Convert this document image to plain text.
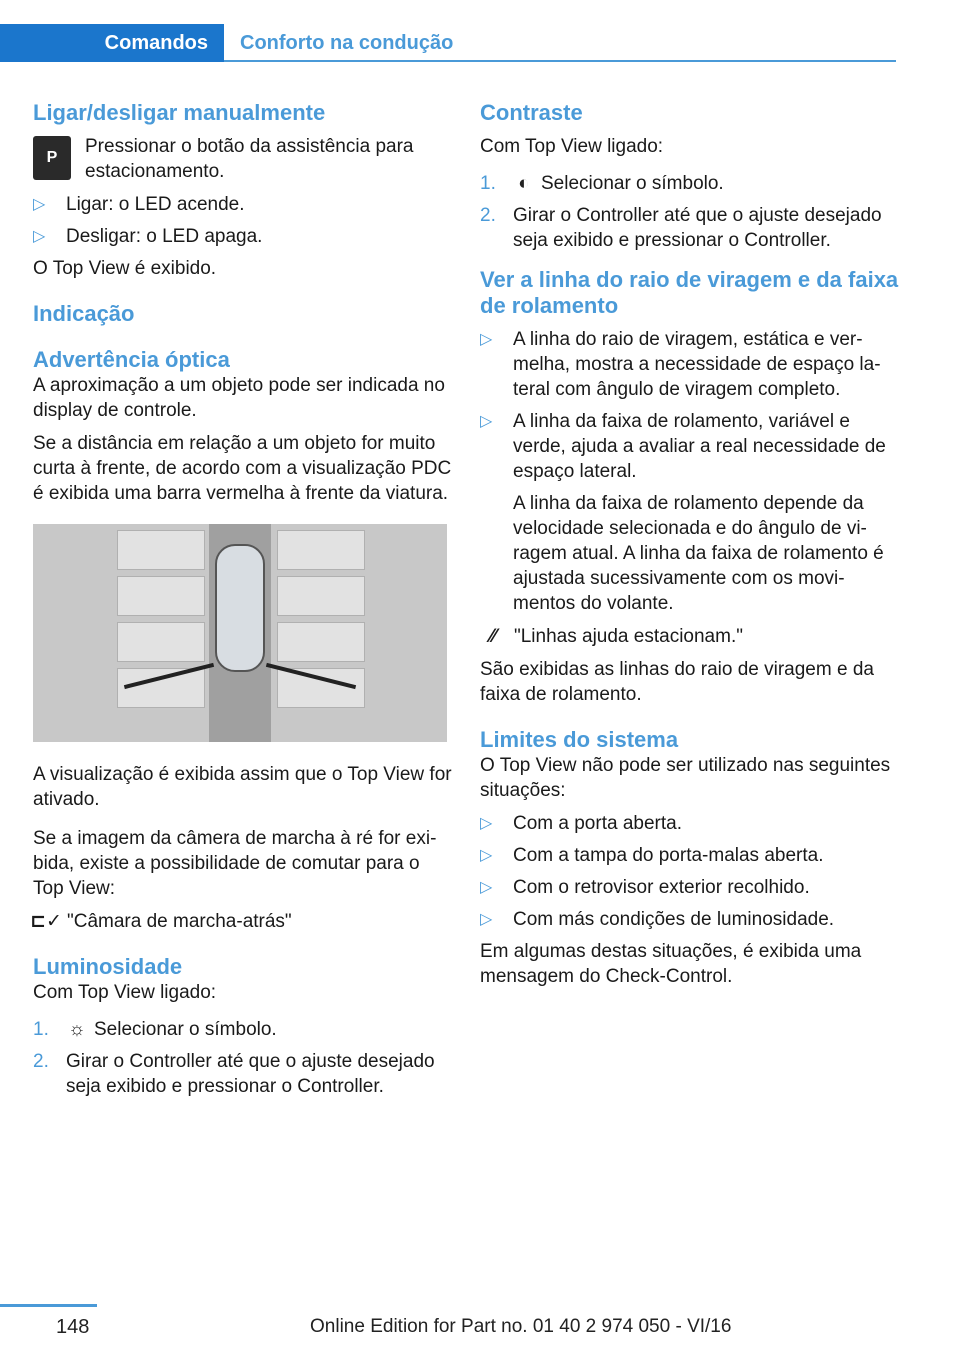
Comandos	Conforto na condução
Ligar/desligar manualmente
P

Pressionar o botão da assistência para estacionamento.

▷ Ligar: o LED acende.
▷ Desligar: o LED apaga.

O Top View é exibido.

Indicação
Advertência óptica

A aproximação a um objeto pode ser indicada no display de controle.

Se a distância em relação a um objeto for muito curta à frente, de acordo com a visualização PDC é exibida uma barra vermelha à frente da viatura.

A visualização é exibida assim que o Top View for ativado.

Se a imagem da câmera de marcha à ré for exibida, existe a possibilidade de comutar para o Top View:

⊏✓ "Câmara de marcha-atrás"
Luminosidade

Com Top View ligado:

1. ☼ Selecionar o símbolo.
2. Girar o Controller até que o ajuste desejado seja exibido e pressionar o Controller.
Contraste

Com Top View ligado:

1. ◐ Selecionar o símbolo.
2. Girar o Controller até que o ajuste desejado seja exibido e pressionar o Controller.
Ver a linha do raio de viragem e da faixa de rolamento
▷ A linha do raio de viragem, estática e vermelha, mostra a necessidade de espaço lateral com ângulo de viragem completo.
▷ A linha da faixa de rolamento, variável e verde, ajuda a avaliar a real necessidade de espaço lateral.
A linha da faixa de rolamento depende da velocidade selecionada e do ângulo de viragem atual. A linha da faixa de rolamento é ajustada sucessivamente com os movimentos do volante.
⁄⁄ "Linhas ajuda estacionam."

São exibidas as linhas do raio de viragem e da faixa de rolamento.

Limites do sistema

O Top View não pode ser utilizado nas seguintes situações:

▷ Com a porta aberta.
▷ Com a tampa do porta-malas aberta.
▷ Com o retrovisor exterior recolhido.
▷ Com más condições de luminosidade.

Em algumas destas situações, é exibida uma mensagem do Check-Control.

148	Online Edition for Part no. 01 40 2 974 050 - VI/16
